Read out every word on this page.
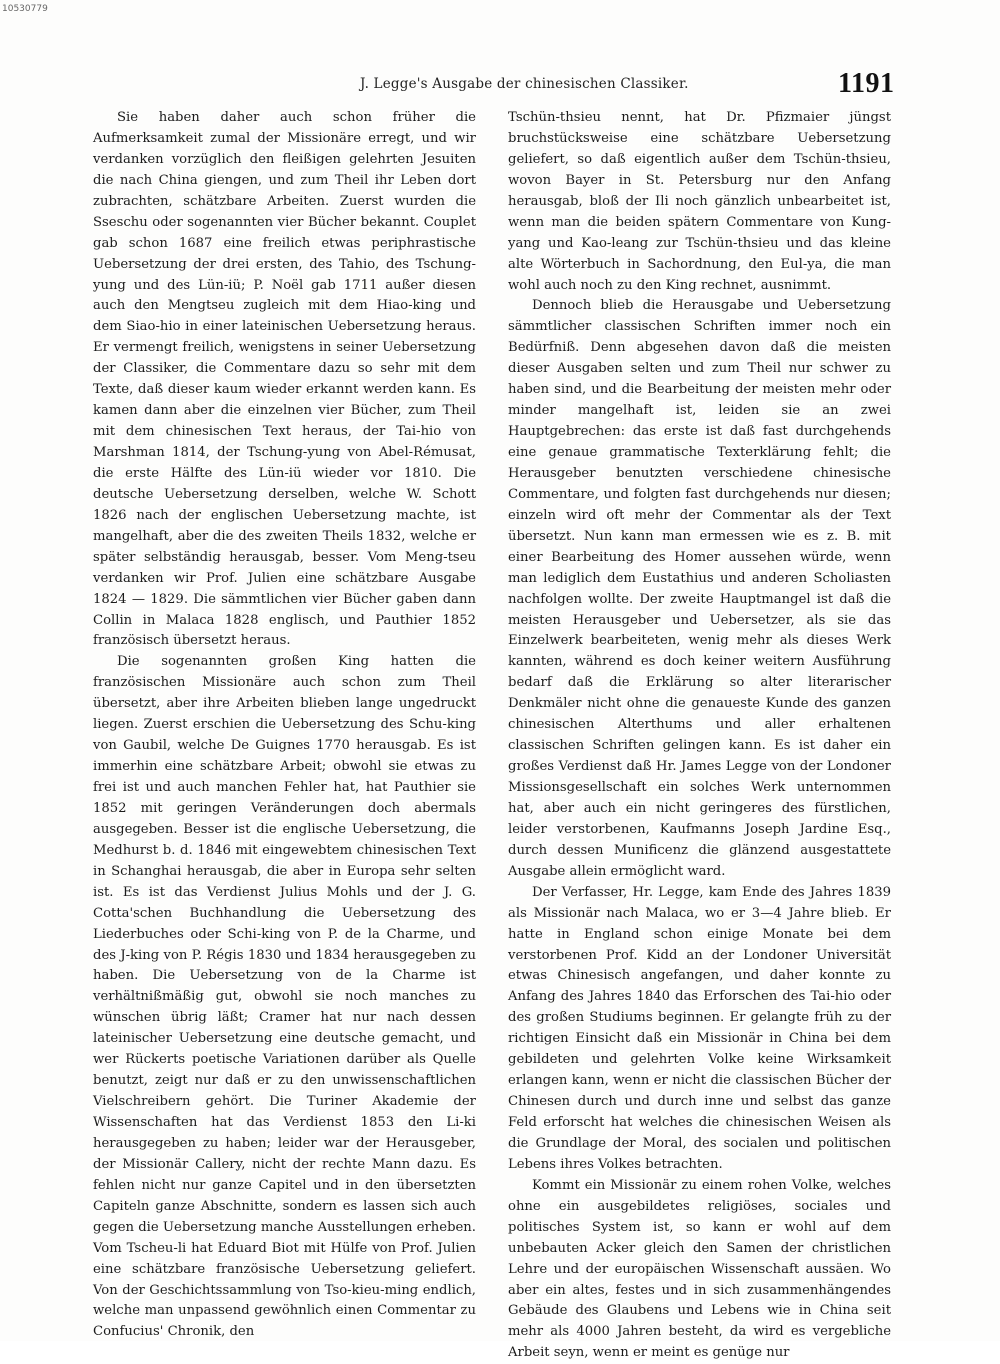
10530779
J. Legge's Ausgabe der chinesischen Classiker.	1191

Sie haben daher auch schon früher die Aufmerksamkeit zumal der Missionäre erregt, und wir verdanken vorzüglich den fleißigen gelehrten Jesuiten die nach China giengen, und zum Theil ihr Leben dort zubrachten, schätzbare Arbeiten. Zuerst wurden die Sseschu oder sogenannten vier Bücher bekannt. Couplet gab schon 1687 eine freilich etwas periphrastische Uebersetzung der drei ersten, des Tahio, des Tschung-yung und des Lün-iü; P. Noël gab 1711 außer diesen auch den Mengtseu zugleich mit dem Hiao-king und dem Siao-hio in einer lateinischen Uebersetzung heraus. Er vermengt freilich, wenigstens in seiner Uebersetzung der Classiker, die Commentare dazu so sehr mit dem Texte, daß dieser kaum wieder erkannt werden kann. Es kamen dann aber die einzelnen vier Bücher, zum Theil mit dem chinesischen Text heraus, der Tai-hio von Marshman 1814, der Tschung-yung von Abel-Rémusat, die erste Hälfte des Lün-iü wieder vor 1810. Die deutsche Uebersetzung derselben, welche W. Schott 1826 nach der englischen Uebersetzung machte, ist mangelhaft, aber die des zweiten Theils 1832, welche er später selbständig herausgab, besser. Vom Meng-tseu verdanken wir Prof. Julien eine schätzbare Ausgabe 1824 — 1829. Die sämmtlichen vier Bücher gaben dann Collin in Malaca 1828 englisch, und Pauthier 1852 französisch übersetzt heraus.

Die sogenannten großen King hatten die französischen Missionäre auch schon zum Theil übersetzt, aber ihre Arbeiten blieben lange ungedruckt liegen. Zuerst erschien die Uebersetzung des Schu-king von Gaubil, welche De Guignes 1770 herausgab. Es ist immerhin eine schätzbare Arbeit; obwohl sie etwas zu frei ist und auch manchen Fehler hat, hat Pauthier sie 1852 mit geringen Veränderungen doch abermals ausgegeben. Besser ist die englische Uebersetzung, die Medhurst b. d. 1846 mit eingewebtem chinesischen Text in Schanghai herausgab, die aber in Europa sehr selten ist. Es ist das Verdienst Julius Mohls und der J. G. Cotta'schen Buchhandlung die Uebersetzung des Liederbuches oder Schi-king von P. de la Charme, und des J-king von P. Régis 1830 und 1834 herausgegeben zu haben. Die Uebersetzung von de la Charme ist verhältnißmäßig gut, obwohl sie noch manches zu wünschen übrig läßt; Cramer hat nur nach dessen lateinischer Uebersetzung eine deutsche gemacht, und wer Rückerts poetische Variationen darüber als Quelle benutzt, zeigt nur daß er zu den unwissenschaftlichen Vielschreibern gehört. Die Turiner Akademie der Wissenschaften hat das Verdienst 1853 den Li-ki herausgegeben zu haben; leider war der Herausgeber, der Missionär Callery, nicht der rechte Mann dazu. Es fehlen nicht nur ganze Capitel und in den übersetzten Capiteln ganze Abschnitte, sondern es lassen sich auch gegen die Uebersetzung manche Ausstellungen erheben. Vom Tscheu-li hat Eduard Biot mit Hülfe von Prof. Julien eine schätzbare französische Uebersetzung geliefert. Von der Geschichtssammlung von Tso-kieu-ming endlich, welche man unpassend gewöhnlich einen Commentar zu Confucius' Chronik, den

Tschün-thsieu nennt, hat Dr. Pfizmaier jüngst bruchstücksweise eine schätzbare Uebersetzung geliefert, so daß eigentlich außer dem Tschün-thsieu, wovon Bayer in St. Petersburg nur den Anfang herausgab, bloß der Ili noch gänzlich unbearbeitet ist, wenn man die beiden spätern Commentare von Kung-yang und Kao-leang zur Tschün-thsieu und das kleine alte Wörterbuch in Sachordnung, den Eul-ya, die man wohl auch noch zu den King rechnet, ausnimmt.

Dennoch blieb die Herausgabe und Uebersetzung sämmtlicher classischen Schriften immer noch ein Bedürfniß. Denn abgesehen davon daß die meisten dieser Ausgaben selten und zum Theil nur schwer zu haben sind, und die Bearbeitung der meisten mehr oder minder mangelhaft ist, leiden sie an zwei Hauptgebrechen: das erste ist daß fast durchgehends eine genaue grammatische Texterklärung fehlt; die Herausgeber benutzten verschiedene chinesische Commentare, und folgten fast durchgehends nur diesen; einzeln wird oft mehr der Commentar als der Text übersetzt. Nun kann man ermessen wie es z. B. mit einer Bearbeitung des Homer aussehen würde, wenn man lediglich dem Eustathius und anderen Scholiasten nachfolgen wollte. Der zweite Hauptmangel ist daß die meisten Herausgeber und Uebersetzer, als sie das Einzelwerk bearbeiteten, wenig mehr als dieses Werk kannten, während es doch keiner weitern Ausführung bedarf daß die Erklärung so alter literarischer Denkmäler nicht ohne die genaueste Kunde des ganzen chinesischen Alterthums und aller erhaltenen classischen Schriften gelingen kann. Es ist daher ein großes Verdienst daß Hr. James Legge von der Londoner Missionsgesellschaft ein solches Werk unternommen hat, aber auch ein nicht geringeres des fürstlichen, leider verstorbenen, Kaufmanns Joseph Jardine Esq., durch dessen Munificenz die glänzend ausgestattete Ausgabe allein ermöglicht ward.

Der Verfasser, Hr. Legge, kam Ende des Jahres 1839 als Missionär nach Malaca, wo er 3—4 Jahre blieb. Er hatte in England schon einige Monate bei dem verstorbenen Prof. Kidd an der Londoner Universität etwas Chinesisch angefangen, und daher konnte zu Anfang des Jahres 1840 das Erforschen des Tai-hio oder des großen Studiums beginnen. Er gelangte früh zu der richtigen Einsicht daß ein Missionär in China bei dem gebildeten und gelehrten Volke keine Wirksamkeit erlangen kann, wenn er nicht die classischen Bücher der Chinesen durch und durch inne und selbst das ganze Feld erforscht hat welches die chinesischen Weisen als die Grundlage der Moral, des socialen und politischen Lebens ihres Volkes betrachten.

Kommt ein Missionär zu einem rohen Volke, welches ohne ein ausgebildetes religiöses, sociales und politisches System ist, so kann er wohl auf dem unbebauten Acker gleich den Samen der christlichen Lehre und der europäischen Wissenschaft aussäen. Wo aber ein altes, festes und in sich zusammenhängendes Gebäude des Glaubens und Lebens wie in China seit mehr als 4000 Jahren besteht, da wird es vergebliche Arbeit seyn, wenn er meint es genüge nur
